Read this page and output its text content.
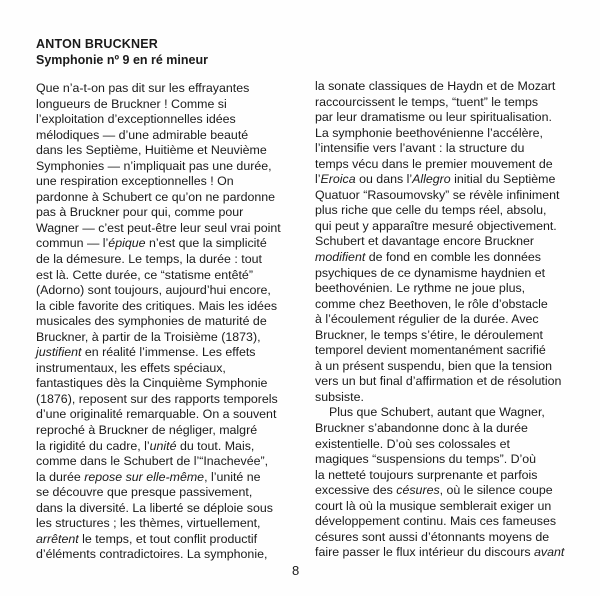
ANTON BRUCKNER
Symphonie nº 9 en ré mineur
Que n’a-t-on pas dit sur les effrayantes
longueurs de Bruckner ! Comme si
l’exploitation d’exceptionnelles idées
mélodiques — d’une admirable beauté
dans les Septième, Huitième et Neuvième
Symphonies — n’impliquait pas une durée,
une respiration exceptionnelles ! On
pardonne à Schubert ce qu’on ne pardonne
pas à Bruckner pour qui, comme pour
Wagner — c’est peut-être leur seul vrai point
commun — l’épique n’est que la simplicité
de la démesure. Le temps, la durée : tout
est là. Cette durée, ce “statisme entêté”
(Adorno) sont toujours, aujourd’hui encore,
la cible favorite des critiques. Mais les idées
musicales des symphonies de maturité de
Bruckner, à partir de la Troisième (1873),
justifient en réalité l’immense. Les effets
instrumentaux, les effets spéciaux,
fantastiques dès la Cinquième Symphonie
(1876), reposent sur des rapports temporels
d’une originalité remarquable. On a souvent
reproché à Bruckner de négliger, malgré
la rigidité du cadre, l’unité du tout. Mais,
comme dans le Schubert de l’“Inachevée”,
la durée repose sur elle-même, l’unité ne
se découvre que presque passivement,
dans la diversité. La liberté se déploie sous
les structures ; les thèmes, virtuellement,
arrêtent le temps, et tout conflit productif
d’éléments contradictoires. La symphonie,
la sonate classiques de Haydn et de Mozart
raccourcissent le temps, “tuent” le temps
par leur dramatisme ou leur spiritualisation.
La symphonie beethovénienne l’accélère,
l’intensifie vers l’avant : la structure du
temps vécu dans le premier mouvement de
l’Eroica ou dans l’Allegro initial du Septième
Quatuor “Rasoumovsky” se révèle infiniment
plus riche que celle du temps réel, absolu,
qui peut y apparaître mesuré objectivement.
Schubert et davantage encore Bruckner
modifient de fond en comble les données
psychiques de ce dynamisme haydnien et
beethovénien. Le rythme ne joue plus,
comme chez Beethoven, le rôle d’obstacle
à l’écoulement régulier de la durée. Avec
Bruckner, le temps s’étire, le déroulement
temporel devient momentanément sacrifié
à un présent suspendu, bien que la tension
vers un but final d’affirmation et de résolution
subsiste.
Plus que Schubert, autant que Wagner,
Bruckner s’abandonne donc à la durée
existentielle. D’où ses colossales et
magiques “suspensions du temps”. D’où
la netteté toujours surprenante et parfois
excessive des césures, où le silence coupe
court là où la musique semblerait exiger un
développement continu. Mais ces fameuses
césures sont aussi d’étonnants moyens de
faire passer le flux intérieur du discours avant
8
